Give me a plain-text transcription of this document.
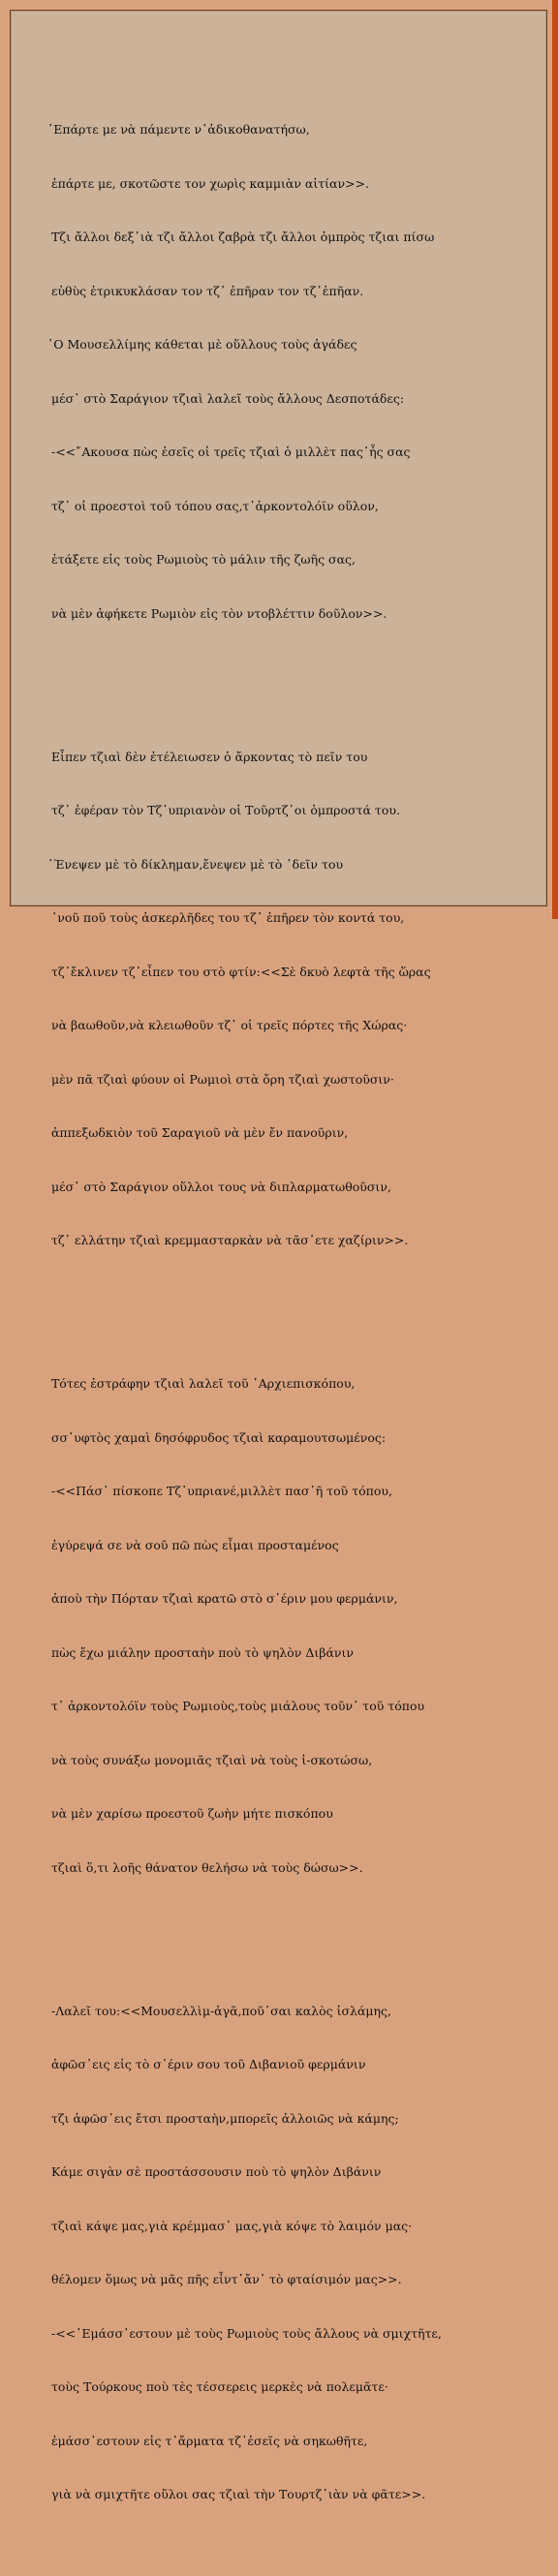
᾿Επάρτε με νὰ πάμεντε ν᾿ἀδικοθανατήσω,

ἐπάρτε με, σκοτῶστε τον χωρὶς καμμιὰν αἰτίαν>>.

Τζι ἄλλοι δεξ᾿ιὰ τζι ἄλλοι ζαβρὰ τζι ἄλλοι ὀμπρὸς τζιαι πίσω

εὐθὺς ἐτρικυκλάσαν τον τζ᾿ ἐπῆραν τον τζ᾿ἐπῆαν.

῾Ο Μουσελλίμης κάθεται μὲ οὕλλους τοὺς ἀγάδες

μέσ᾿ στὸ Σαράγιον τζιαὶ λαλεῖ τοὺς ἄλλους Δεσποτάδες:

-<<῎Ακουσα πὼς ἐσεῖς οἱ τρεῖς τζιαὶ ὁ μιλλὲτ πας᾿ἧς σας

τζ᾿ οἱ προεστοὶ τοῦ τόπου σας,τ᾿ἀρκοντολόϊν οὕλον,

ἐτάξετε εἰς τοὺς Ρωμιοὺς τὸ μάλιν τῆς ζωῆς σας,

νὰ μὲν ἀφήκετε Ρωμιὸν εἰς τὸν ντοβλέττιν δοῦλον>>.

Εἶπεν τζιαὶ δὲν ἐτέλειωσεν ὁ ἄρκοντας τὸ πεῖν του

τζ᾿ ἐφέραν τὸν Τζ᾿υπριανὸν οἱ Τοῦρτζ᾿οι ὀμπροστά του.

῾Ένεψεν μὲ τὸ δίκλημαν,ἔνεψεν μὲ τὸ ῾δεῖν του

῾νοῦ ποῦ τοὺς ἀσκερλῆδες του τζ᾿ ἐπῆρεν τὸν κοντά του,

τζ᾿ἔκλινεν τζ᾿εἶπεν του στὸ φτίν:<<Σὲ δκυὸ λεφτὰ τῆς ὥρας

νὰ βαωθοῦν,νὰ κλειωθοῦν τζ᾿ οἱ τρεῖς πόρτες τῆς Χώρας·

μὲν πᾶ τζιαὶ φύουν οἱ Ρωμιοὶ στὰ ὄρη τζιαὶ χωστοῦσιν·

ἀππεξωδκιὸν τοῦ Σαραγιοῦ νὰ μὲν ἔν πανοῦριν,

μέσ᾿ στὸ Σαράγιον οὕλλοι τους νὰ διπλαρματωθοῦσιν,

τζ᾿ ελλάτην τζιαὶ κρεμμασταρκὰν νὰ τᾶσ᾿ετε χαζίριν>>.

Τότες ἐστράφην τζιαὶ λαλεῖ τοῦ ᾿Αρχιεπισκόπου,

σσ᾿υφτὸς χαμαὶ δησόφρυδος τζιαὶ καραμουτσωμένος:

-<<Πάσ᾿ πίσκοπε Τζ᾿υπριανέ,μιλλὲτ πασ᾿ῆ τοῦ τόπου,

ἐγύρεψά σε νὰ σοῦ πῶ πὼς εἶμαι προσταμένος

ἀποὺ τὴν Πόρταν τζιαὶ κρατῶ στὸ σ᾿έριν μου φερμάνιν,

πὼς ἔχω μιάλην προσταὴν ποὺ τὸ ψηλὸν Διβάνιν

τ᾿ ἀρκοντολόϊν τοὺς Ρωμιοὺς,τοὺς μιάλους τοῦν᾿ τοῦ τόπου

νὰ τοὺς συνάξω μονομιᾶς τζιαὶ νὰ τοὺς ἰ-σκοτώσω,

νὰ μὲν χαρίσω προεστοῦ ζωὴν μήτε πισκόπου

τζιαὶ ὅ,τι λοῆς θάνατον θελήσω νὰ τοὺς δώσω>>.

-Λαλεῖ του:<<Μουσελλὶμ-ἀγᾶ,ποῦ᾿σαι καλὸς ἰσλάμης,

ἀφῶσ᾿εις εἰς τὸ σ᾿έριν σου τοῦ Διβανιοῦ φερμάνιν

τζι ἀφῶσ᾿εις ἔτσι προσταὴν,μπορεῖς ἀλλοιῶς νὰ κάμης;

Κάμε σιγὰν σὲ προστάσσουσιν ποὺ τὸ ψηλὸν Διβάνιν

τζιαὶ κάψε μας,γιὰ κρέμμασ᾿ μας,γιὰ κόψε τὸ λαιμόν μας·

θέλομεν ὅμως νὰ μᾶς πῆς εἶντ᾿ἄν᾿ τὸ φταίσιμόν μας>>.

-<<᾿Εμάσσ᾿εστουν μὲ τοὺς Ρωμιοὺς τοὺς ἄλλους νὰ σμιχτῆτε,

τοὺς Τούρκους ποὺ τὲς τέσσερεις μερκὲς νὰ πολεμᾶτε·

ἐμάσσ᾿εστουν εἰς τ᾿ἄρματα τζ᾿ἐσεῖς νὰ σηκωθῆτε,

γιὰ νὰ σμιχτῆτε οὕλοι σας τζιαὶ τὴν Τουρτζ᾿ιὰν νὰ φᾶτε>>.
